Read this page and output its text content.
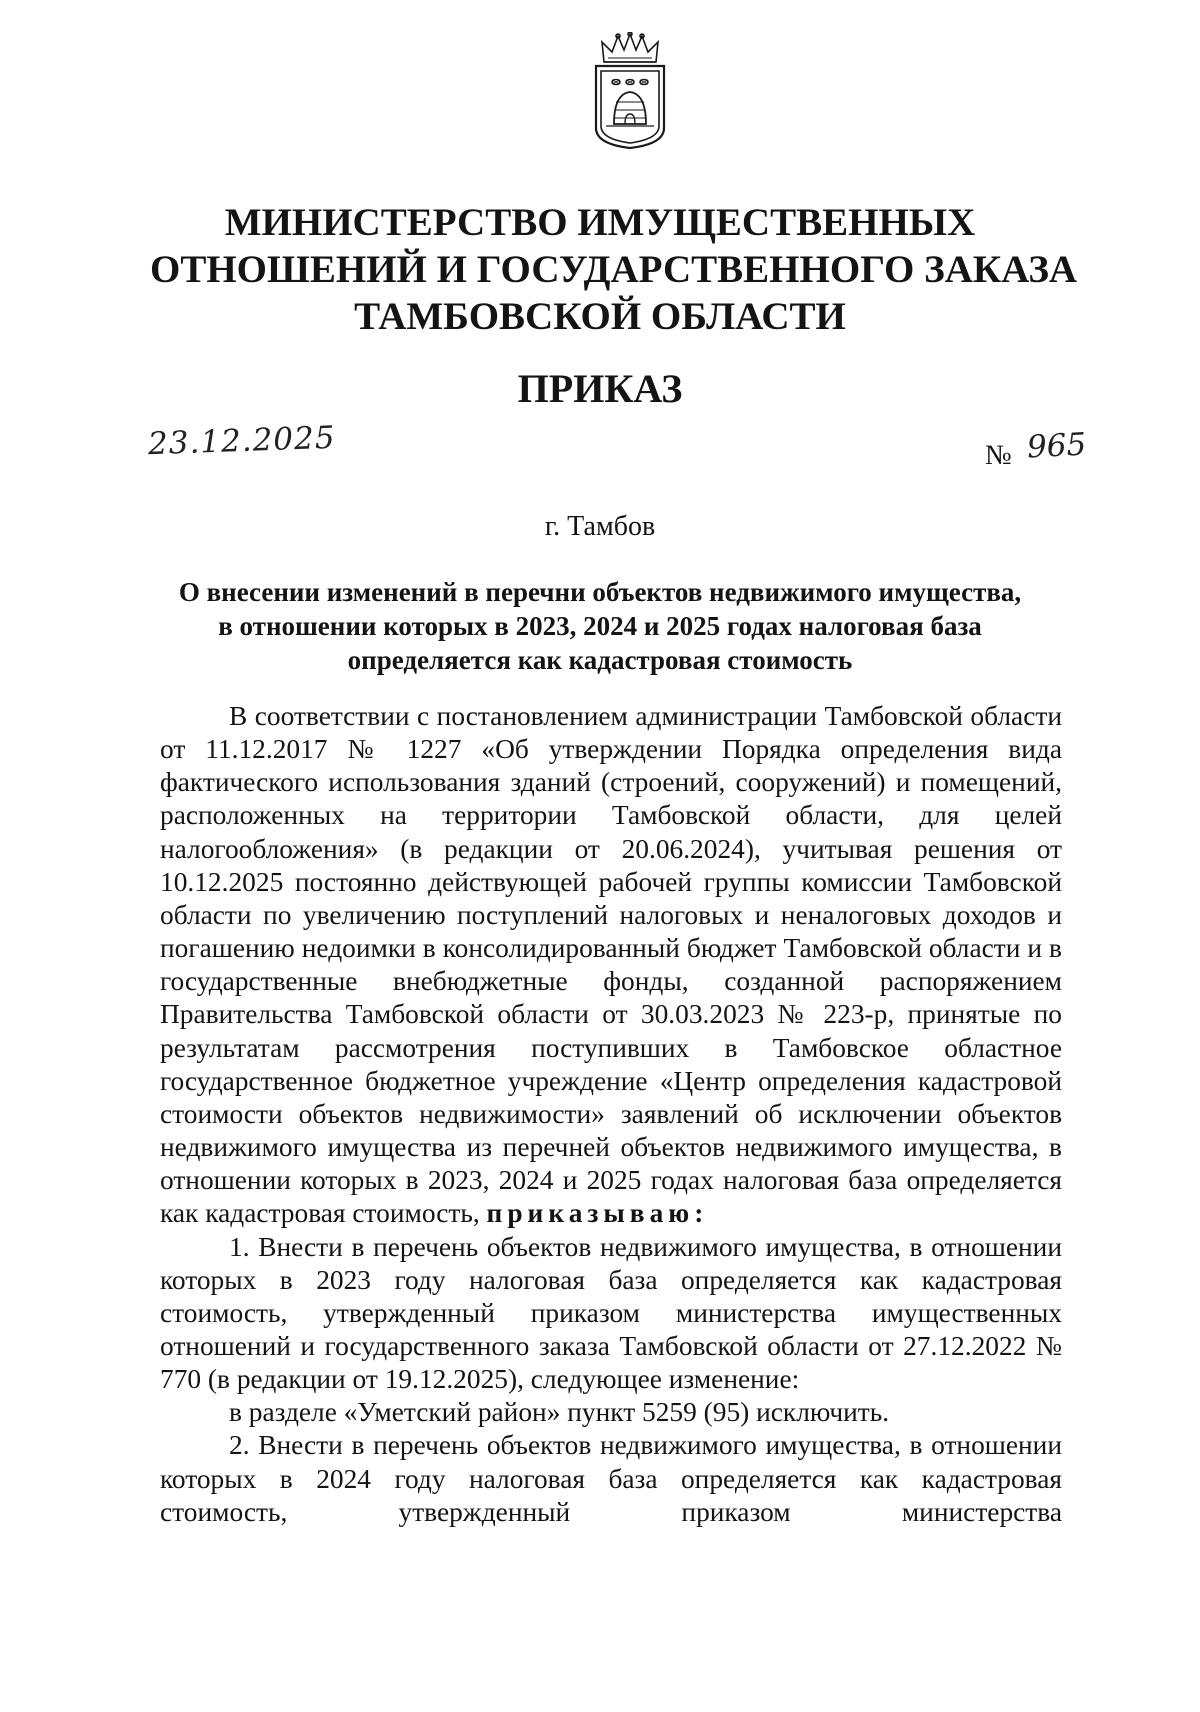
МИНИСТЕРСТВО ИМУЩЕСТВЕННЫХ
ОТНОШЕНИЙ И ГОСУДАРСТВЕННОГО ЗАКАЗА
ТАМБОВСКОЙ ОБЛАСТИ
ПРИКАЗ
23.12.2025	№ 965
г. Тамбов
О внесении изменений в перечни объектов недвижимого имущества,
в отношении которых в 2023, 2024 и 2025 годах налоговая база
определяется как кадастровая стоимость

В соответствии с постановлением администрации Тамбовской области от 11.12.2017 № 1227 «Об утверждении Порядка определения вида фактического использования зданий (строений, сооружений) и помещений, расположенных на территории Тамбовской области, для целей налогообложения» (в редакции от 20.06.2024), учитывая решения от 10.12.2025 постоянно действующей рабочей группы комиссии Тамбовской области по увеличению поступлений налоговых и неналоговых доходов и погашению недоимки в консолидированный бюджет Тамбовской области и в государственные внебюджетные фонды, созданной распоряжением Правительства Тамбовской области от 30.03.2023 № 223-р, принятые по результатам рассмотрения поступивших в Тамбовское областное государственное бюджетное учреждение «Центр определения кадастровой стоимости объектов недвижимости» заявлений об исключении объектов недвижимого имущества из перечней объектов недвижимого имущества, в отношении которых в 2023, 2024 и 2025 годах налоговая база определяется как кадастровая стоимость, приказываю:

1. Внести в перечень объектов недвижимого имущества, в отношении которых в 2023 году налоговая база определяется как кадастровая стоимость, утвержденный приказом министерства имущественных отношений и государственного заказа Тамбовской области от 27.12.2022 № 770 (в редакции от 19.12.2025), следующее изменение:

в разделе «Уметский район» пункт 5259 (95) исключить.

2. Внести в перечень объектов недвижимого имущества, в отношении которых в 2024 году налоговая база определяется как кадастровая стоимость, утвержденный приказом министерства
